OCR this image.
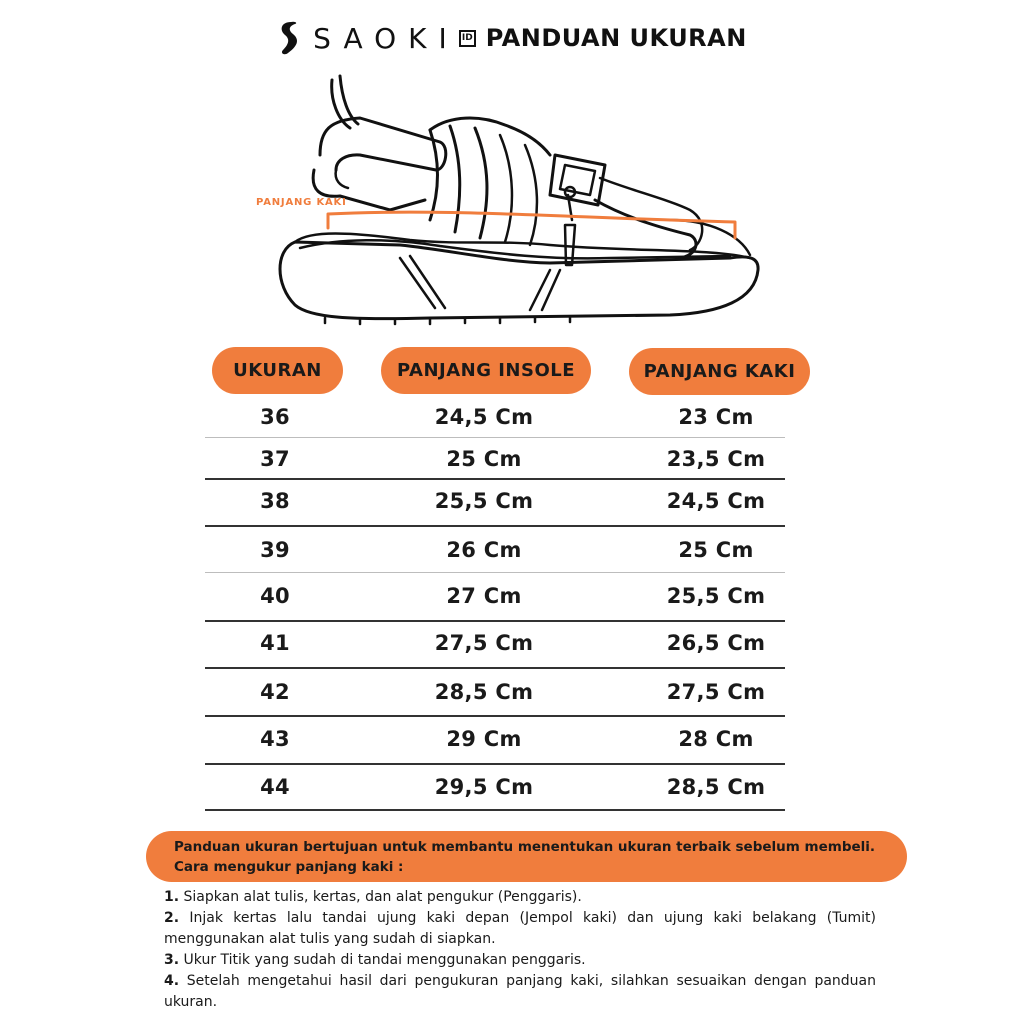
SAOKI ID PANDUAN UKURAN
PANJANG KAKI
UKURAN	PANJANG INSOLE	PANJANG KAKI
36	24,5 Cm	23 Cm
37	25 Cm	23,5 Cm
38	25,5 Cm	24,5 Cm
39	26 Cm	25 Cm
40	27 Cm	25,5 Cm
41	27,5 Cm	26,5 Cm
42	28,5 Cm	27,5 Cm
43	29 Cm	28 Cm
44	29,5 Cm	28,5 Cm
Panduan ukuran bertujuan untuk membantu menentukan ukuran terbaik sebelum membeli.
Cara mengukur panjang kaki :
1. Siapkan alat tulis, kertas, dan alat pengukur (Penggaris).
2. Injak kertas lalu tandai ujung kaki depan (Jempol kaki) dan ujung kaki belakang (Tumit) menggunakan alat tulis yang sudah di siapkan.
3. Ukur Titik yang sudah di tandai menggunakan penggaris.
4. Setelah mengetahui hasil dari pengukuran panjang kaki, silahkan sesuaikan dengan panduan ukuran.
